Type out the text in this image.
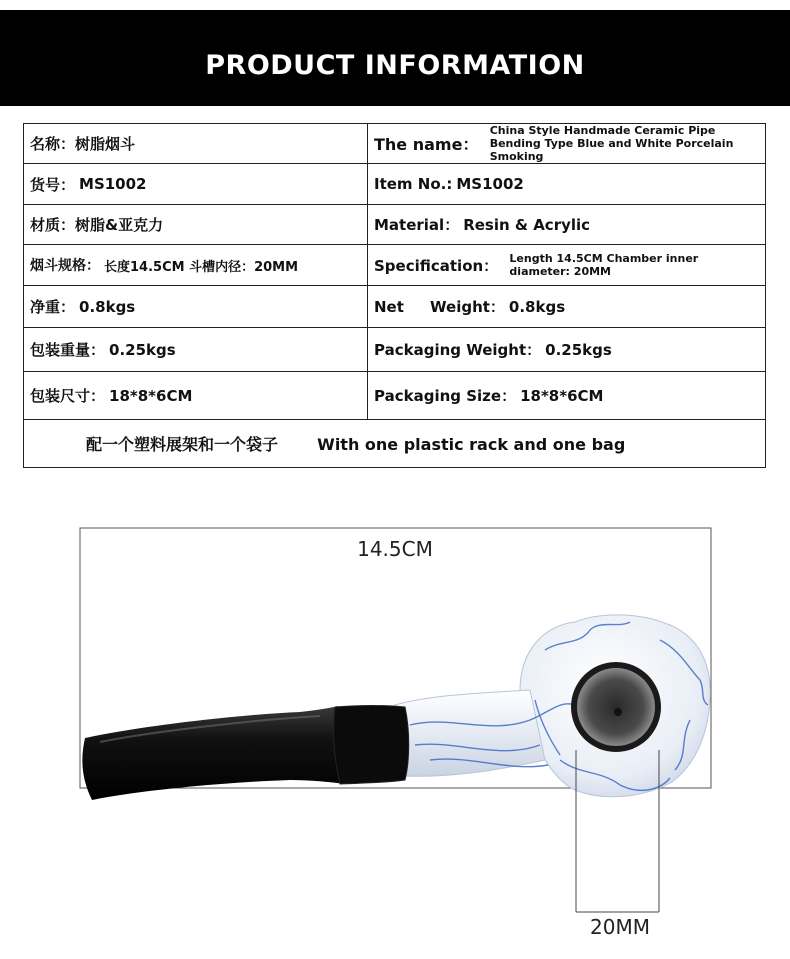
PRODUCT INFORMATION
名称：树脂烟斗	The name： China Style Handmade Ceramic Pipe Bending Type Blue and White Porcelain Smoking
货号： MS1002	Item No.: MS1002
材质：树脂&亚克力	Material： Resin & Acrylic
烟斗规格： 长度14.5CM 斗槽内径：20MM	Specification： Length 14.5CM Chamber inner diameter: 20MM
净重： 0.8kgs	Net     Weight： 0.8kgs
包装重量： 0.25kgs	Packaging Weight： 0.25kgs
包装尺寸： 18*8*6CM	Packaging Size： 18*8*6CM
配一个塑料展架和一个袋子 With one plastic rack and one bag	
14.5CM
20MM
